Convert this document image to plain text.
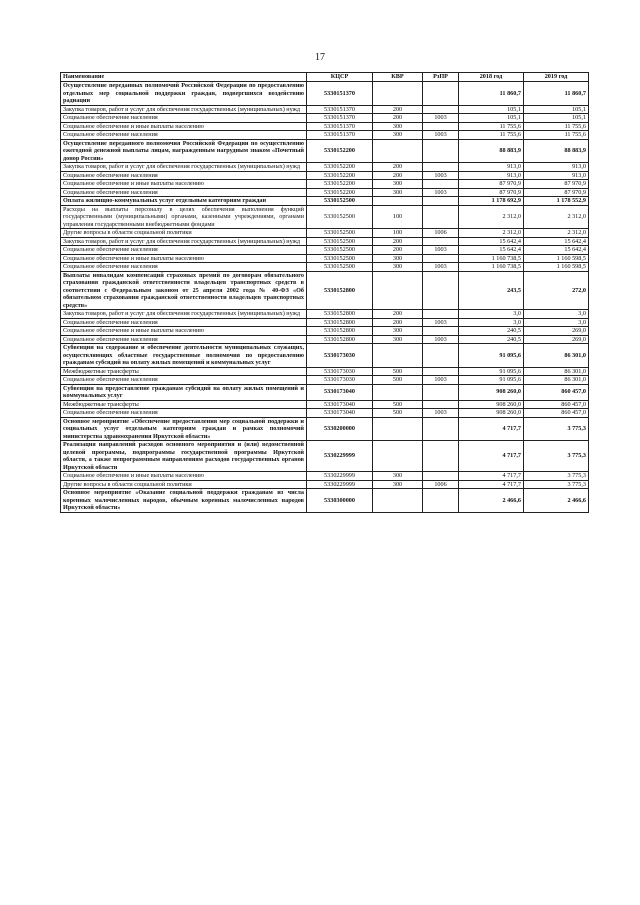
17
Наименование	КЦСР	КВР	РзПР	2018 год	2019 год
Осуществление переданных полномочий Российской Федерации по предоставлению отдельных мер социальной поддержки граждан, подвергшихся воздействию радиации	5330151370			11 860,7	11 860,7
Закупка товаров, работ и услуг для обеспечения государственных (муниципальных) нужд	5330151370	200		105,1	105,1
Социальное обеспечение населения	5330151370	200	1003	105,1	105,1
Социальное обеспечение и иные выплаты населению	5330151370	300		11 755,6	11 755,6
Социальное обеспечение населения	5330151370	300	1003	11 755,6	11 755,6
Осуществление переданного полномочия Российской Федерации по осуществлению ежегодной денежной выплаты лицам, награжденным нагрудным знаком «Почетный донор России»	5330152200			88 883,9	88 883,9
Закупка товаров, работ и услуг для обеспечения государственных (муниципальных) нужд	5330152200	200		913,0	913,0
Социальное обеспечение населения	5330152200	200	1003	913,0	913,0
Социальное обеспечение и иные выплаты населению	5330152200	300		87 970,9	87 970,9
Социальное обеспечение населения	5330152200	300	1003	87 970,9	87 970,9
Оплата жилищно-коммунальных услуг отдельным категориям граждан	5330152500			1 178 692,9	1 178 552,9
Расходы на выплаты персоналу в целях обеспечения выполнения функций государственными (муниципальными) органами, казенными учреждениями, органами управления государственными внебюджетными фондами	5330152500	100		2 312,0	2 312,0
Другие вопросы в области социальной политики	5330152500	100	1006	2 312,0	2 312,0
Закупка товаров, работ и услуг для обеспечения государственных (муниципальных) нужд	5330152500	200		15 642,4	15 642,4
Социальное обеспечение населения	5330152500	200	1003	15 642,4	15 642,4
Социальное обеспечение и иные выплаты населению	5330152500	300		1 160 738,5	1 160 598,5
Социальное обеспечение населения	5330152500	300	1003	1 160 738,5	1 160 598,5
Выплаты инвалидам компенсаций страховых премий по договорам обязательного страхования гражданской ответственности владельцев транспортных средств в соответствии с Федеральным законом от 25 апреля 2002 года № 40-ФЗ «Об обязательном страховании гражданской ответственности владельцев транспортных средств»	5330152800			243,5	272,0
Закупка товаров, работ и услуг для обеспечения государственных (муниципальных) нужд	5330152800	200		3,0	3,0
Социальное обеспечение населения	5330152800	200	1003	3,0	3,0
Социальное обеспечение и иные выплаты населению	5330152800	300		240,5	269,0
Социальное обеспечение населения	5330152800	300	1003	240,5	269,0
Субвенции на содержание и обеспечение деятельности муниципальных служащих, осуществляющих областные государственные полномочия по предоставлению гражданам субсидий на оплату жилых помещений и коммунальных услуг	5330173030			91 095,6	86 301,0
Межбюджетные трансферты	5330173030	500		91 095,6	86 301,0
Социальное обеспечение населения	5330173030	500	1003	91 095,6	86 301,0
Субвенции на предоставление гражданам субсидий на оплату жилых помещений и коммунальных услуг	5330173040			908 260,0	860 457,0
Межбюджетные трансферты	5330173040	500		908 260,0	860 457,0
Социальное обеспечение населения	5330173040	500	1003	908 260,0	860 457,0
Основное мероприятие «Обеспечение предоставления мер социальной поддержки и социальных услуг отдельным категориям граждан и рамках полномочий министерства здравоохранения Иркутской области»	5330200000			4 717,7	3 775,3
Реализация направлений расходов основного мероприятия и (или) ведомственной целевой программы, подпрограммы государственной программы Иркутской области, а также непрограммным направлениям расходов государственных органов Иркутской области	5330229999			4 717,7	3 775,3
Социальное обеспечение и иные выплаты населению	5330229999	300		4 717,7	3 775,3
Другие вопросы в области социальной политики	5330229999	300	1006	4 717,7	3 775,3
Основное мероприятие «Оказание социальной поддержки гражданам из числа коренных малочисленных народов, обычным коренных малочисленных народов Иркутской области»	5330300000			2 466,6	2 466,6
